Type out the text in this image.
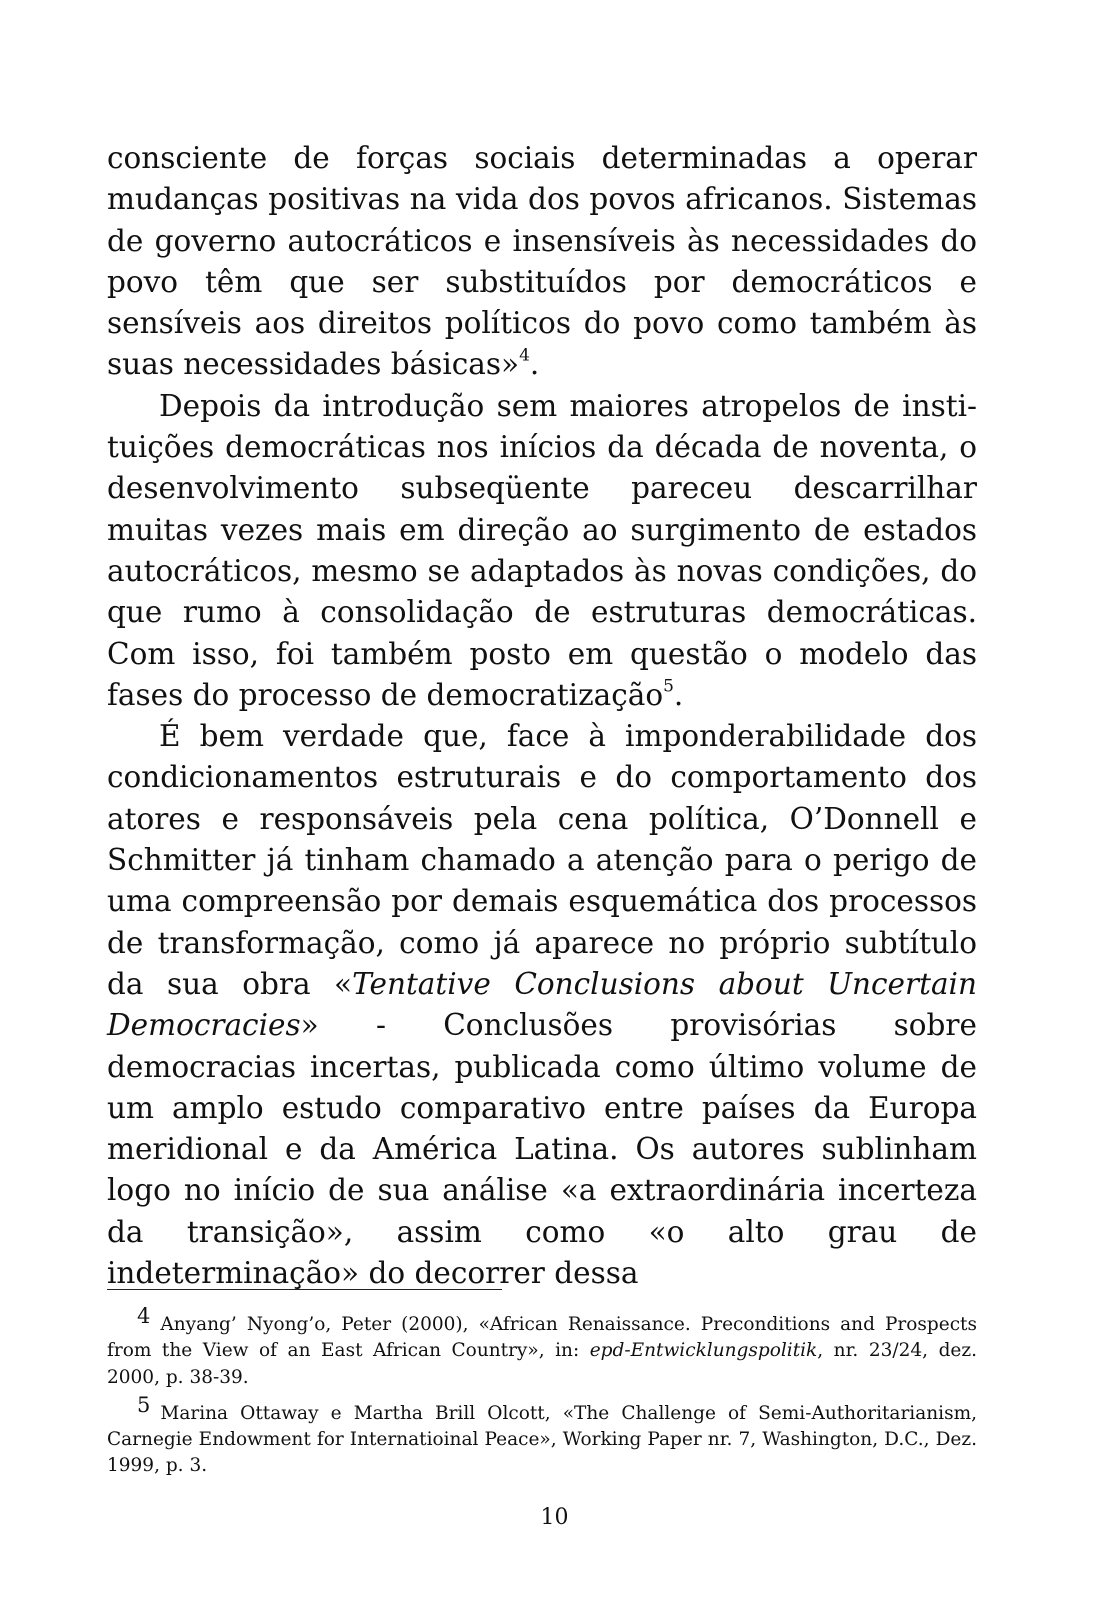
consciente de forças sociais determinadas a operar mudanças positivas na vida dos povos africanos. Sistemas de governo autocráticos e insensíveis às necessidades do povo têm que ser substituídos por democráticos e sensíveis aos direitos políticos do povo como também às suas necessidades básicas»$^4$.

Depois da introdução sem maiores atropelos de instituições democráticas nos inícios da década de noventa, o desenvolvimento subseqüente pareceu descarrilhar muitas vezes mais em direção ao surgimento de estados autocráticos, mesmo se adaptados às novas condições, do que rumo à consolidação de estruturas democráticas. Com isso, foi também posto em questão o modelo das fases do processo de democratização$^5$.

É bem verdade que, face à imponderabilidade dos condicionamentos estruturais e do comportamento dos atores e responsáveis pela cena política, O’Donnell e Schmitter já tinham chamado a atenção para o perigo de uma compreensão por demais esquemática dos processos de transformação, como já aparece no próprio subtítulo da sua obra «Tentative Conclusions about Uncertain Democracies» - Conclusões provisórias sobre democracias incertas, publicada como último volume de um amplo estudo comparativo entre países da Europa meridional e da América Latina. Os autores sublinham logo no início de sua análise «a extraordinária incerteza da transição», assim como «o alto grau de indeterminação» do decorrer dessa

$^4$ Anyang’ Nyong’o, Peter (2000), «African Renaissance. Preconditions and Prospects from the View of an East African Country», in: epd-Entwicklungspolitik, nr. 23/24, dez. 2000, p. 38-39.

$^5$ Marina Ottaway e Martha Brill Olcott, «The Challenge of Semi-Authoritarianism, Carnegie Endowment for Internatioinal Peace», Working Paper nr. 7, Washington, D.C., Dez. 1999, p. 3.

10
